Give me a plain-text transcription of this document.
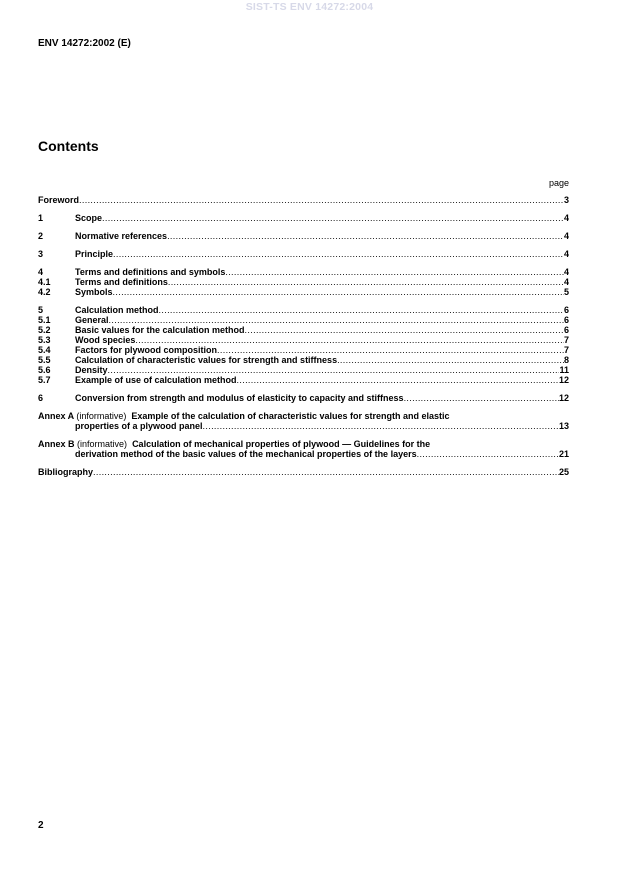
SIST-TS ENV 14272:2004
ENV 14272:2002 (E)
Contents
page
Foreword .....	3
1	Scope .....	4
2	Normative references .....	4
3	Principle .....	4
4	Terms and definitions and symbols .....	4
4.1	Terms and definitions .....	4
4.2	Symbols .....	5
5	Calculation method .....	6
5.1	General .....	6
5.2	Basic values for the calculation method .....	6
5.3	Wood species .....	7
5.4	Factors for plywood composition .....	7
5.5	Calculation of characteristic values for strength and stiffness .....	8
5.6	Density .....	11
5.7	Example of use of calculation method .....	12
6	Conversion from strength and modulus of elasticity to capacity and stiffness .....	12
Annex A (informative) Example of the calculation of characteristic values for strength and elastic
properties of a plywood panel .....	13
Annex B (informative) Calculation of mechanical properties of plywood — Guidelines for the
derivation method of the basic values of the mechanical properties of the layers .....	21
Bibliography .....	25
2
